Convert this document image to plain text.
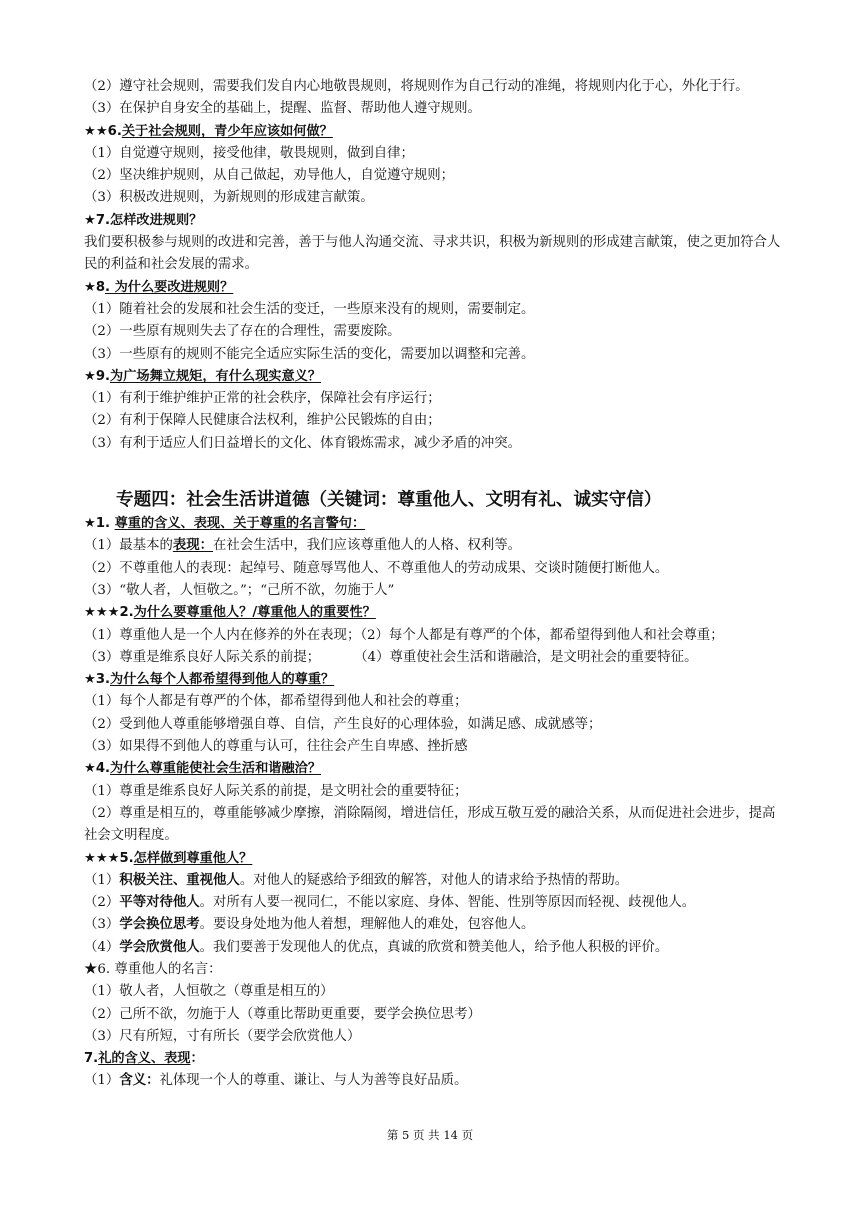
（2）遵守社会规则，需要我们发自内心地敬畏规则，将规则作为自己行动的准绳，将规则内化于心，外化于行。

（3）在保护自身安全的基础上，提醒、监督、帮助他人遵守规则。

★★6.关于社会规则，青少年应该如何做？

（1）自觉遵守规则，接受他律，敬畏规则，做到自律；

（2）坚决维护规则，从自己做起，劝导他人，自觉遵守规则；

（3）积极改进规则，为新规则的形成建言献策。

★7.怎样改进规则？

我们要积极参与规则的改进和完善，善于与他人沟通交流、寻求共识，积极为新规则的形成建言献策，使之更加符合人民的利益和社会发展的需求。

★8. 为什么要改进规则？

（1）随着社会的发展和社会生活的变迁，一些原来没有的规则，需要制定。

（2）一些原有规则失去了存在的合理性，需要废除。

（3）一些原有的规则不能完全适应实际生活的变化，需要加以调整和完善。

★9.为广场舞立规矩，有什么现实意义？

（1）有利于维护维护正常的社会秩序，保障社会有序运行；

（2）有利于保障人民健康合法权利，维护公民锻炼的自由；

（3）有利于适应人们日益增长的文化、体育锻炼需求，减少矛盾的冲突。

专题四：社会生活讲道德（关键词：尊重他人、文明有礼、诚实守信）

★1. 尊重的含义、表现、关于尊重的名言警句：

（1）最基本的表现：在社会生活中，我们应该尊重他人的人格、权利等。

（2）不尊重他人的表现：起绰号、随意辱骂他人、不尊重他人的劳动成果、交谈时随便打断他人。

（3）“敬人者，人恒敬之。”；“己所不欲，勿施于人”

★★★2.为什么要尊重他人？/尊重他人的重要性？

（1）尊重他人是一个人内在修养的外在表现；（2）每个人都是有尊严的个体，都希望得到他人和社会尊重；

（3）尊重是维系良好人际关系的前提；	（4）尊重使社会生活和谐融洽，是文明社会的重要特征。

★3.为什么每个人都希望得到他人的尊重？

（1）每个人都是有尊严的个体，都希望得到他人和社会的尊重；

（2）受到他人尊重能够增强自尊、自信，产生良好的心理体验，如满足感、成就感等；

（3）如果得不到他人的尊重与认可，往往会产生自卑感、挫折感

★4.为什么尊重能使社会生活和谐融洽？

（1）尊重是维系良好人际关系的前提，是文明社会的重要特征；

（2）尊重是相互的，尊重能够减少摩擦，消除隔阂，增进信任，形成互敬互爱的融洽关系，从而促进社会进步，提高社会文明程度。

★★★5.怎样做到尊重他人？

（1）积极关注、重视他人。对他人的疑惑给予细致的解答，对他人的请求给予热情的帮助。

（2）平等对待他人。对所有人要一视同仁，不能以家庭、身体、智能、性别等原因而轻视、歧视他人。

（3）学会换位思考。要设身处地为他人着想，理解他人的难处，包容他人。

（4）学会欣赏他人。我们要善于发现他人的优点，真诚的欣赏和赞美他人，给予他人积极的评价。

★6. 尊重他人的名言：

（1）敬人者，人恒敬之（尊重是相互的）

（2）己所不欲，勿施于人（尊重比帮助更重要，要学会换位思考）

（3）尺有所短，寸有所长（要学会欣赏他人）

7.礼的含义、表现：

（1）含义：礼体现一个人的尊重、谦让、与人为善等良好品质。

第 5 页 共 14 页
